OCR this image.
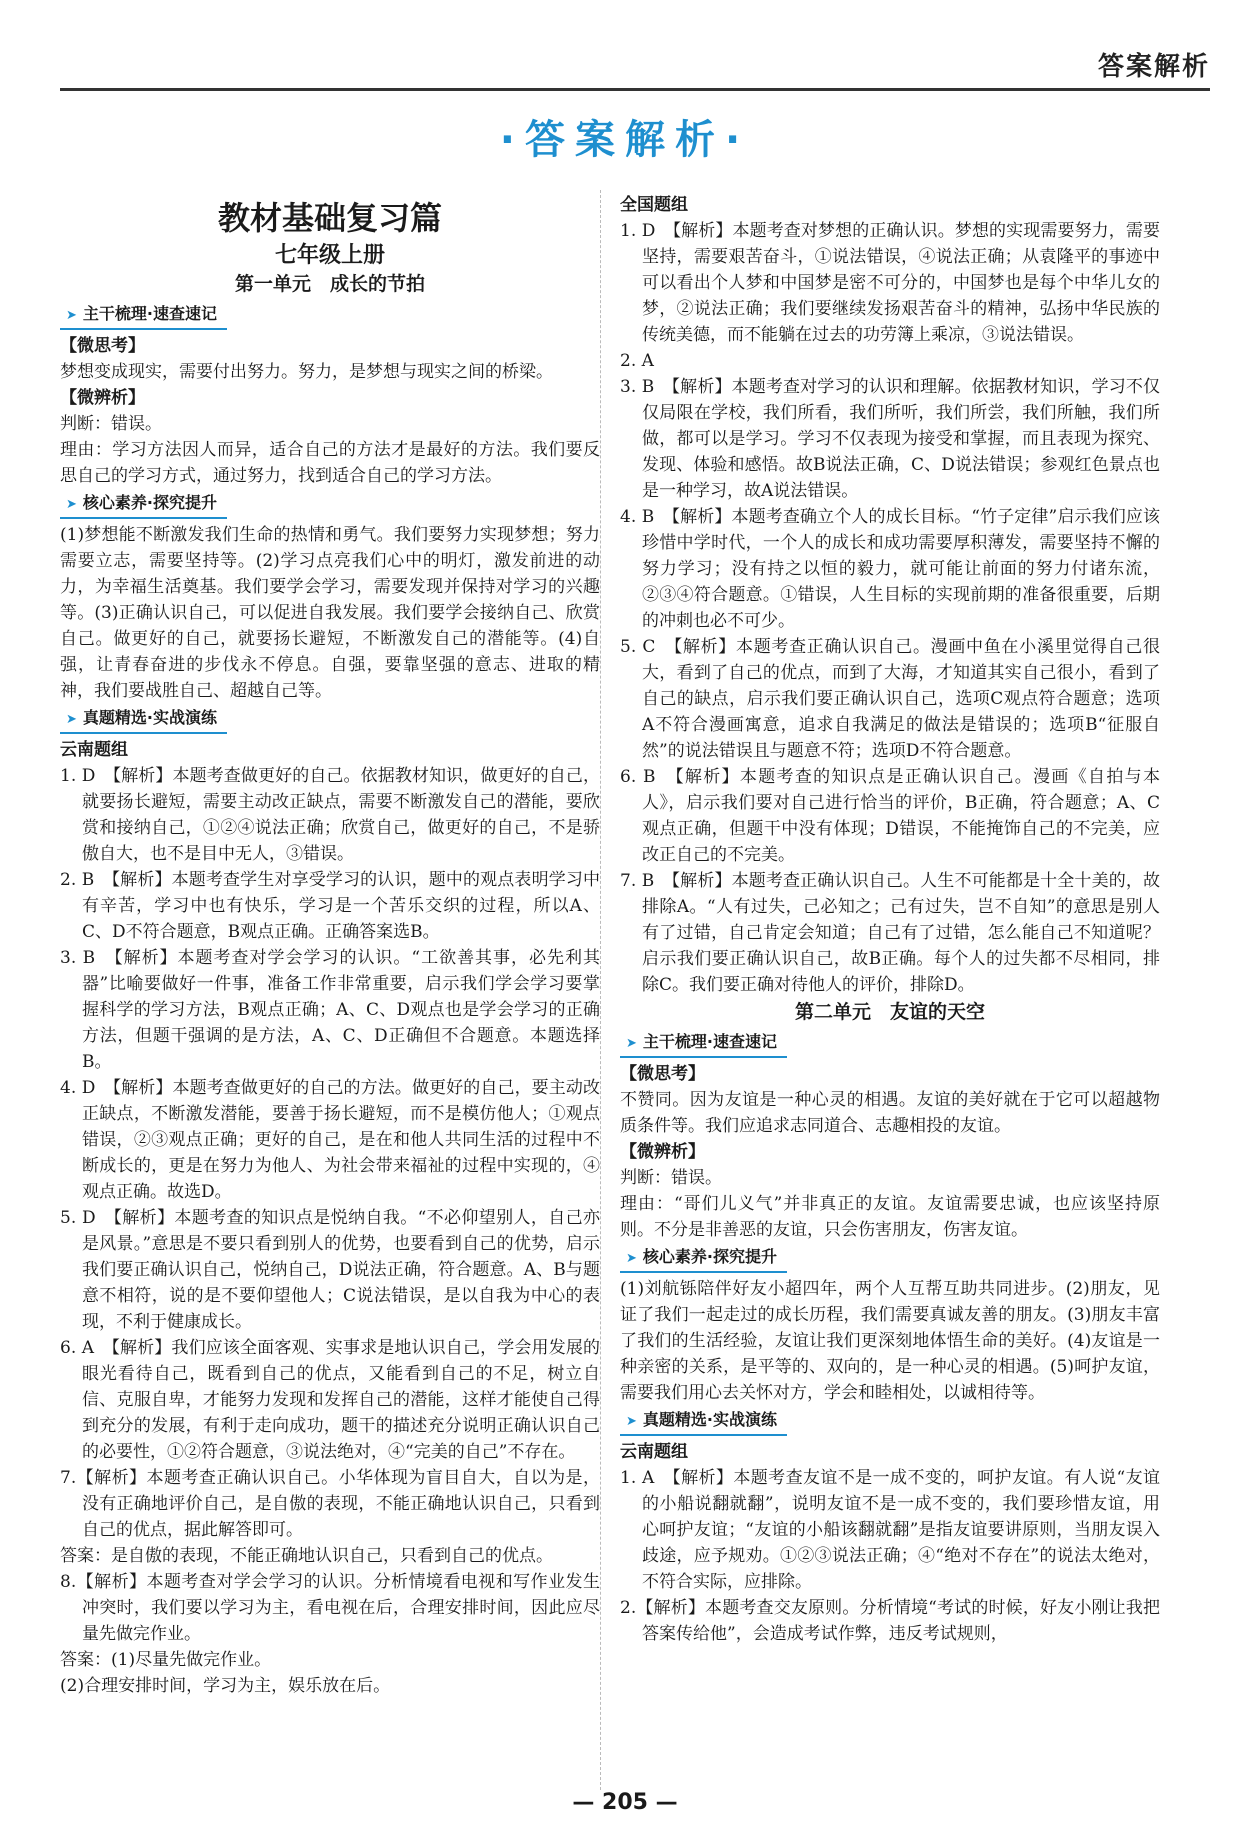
答案解析
·答案解析·
教材基础复习篇
七年级上册
第一单元　成长的节拍
➤ 主干梳理·速查速记

【微思考】

梦想变成现实，需要付出努力。努力，是梦想与现实之间的桥梁。

【微辨析】

判断：错误。

理由：学习方法因人而异，适合自己的方法才是最好的方法。我们要反思自己的学习方式，通过努力，找到适合自己的学习方法。

➤ 核心素养·探究提升

(1)梦想能不断激发我们生命的热情和勇气。我们要努力实现梦想；努力需要立志，需要坚持等。(2)学习点亮我们心中的明灯，激发前进的动力，为幸福生活奠基。我们要学会学习，需要发现并保持对学习的兴趣等。(3)正确认识自己，可以促进自我发展。我们要学会接纳自己、欣赏自己。做更好的自己，就要扬长避短，不断激发自己的潜能等。(4)自强，让青春奋进的步伐永不停息。自强，要靠坚强的意志、进取的精神，我们要战胜自己、超越自己等。

➤ 真题精选·实战演练

云南题组

1. D　【解析】本题考查做更好的自己。依据教材知识，做更好的自己，就要扬长避短，需要主动改正缺点，需要不断激发自己的潜能，要欣赏和接纳自己，①②④说法正确；欣赏自己，做更好的自己，不是骄傲自大，也不是目中无人，③错误。

2. B　【解析】本题考查学生对享受学习的认识，题中的观点表明学习中有辛苦，学习中也有快乐，学习是一个苦乐交织的过程，所以A、C、D不符合题意，B观点正确。正确答案选B。

3. B　【解析】本题考查对学会学习的认识。“工欲善其事，必先利其器”比喻要做好一件事，准备工作非常重要，启示我们学会学习要掌握科学的学习方法，B观点正确；A、C、D观点也是学会学习的正确方法，但题干强调的是方法，A、C、D正确但不合题意。本题选择B。

4. D　【解析】本题考查做更好的自己的方法。做更好的自己，要主动改正缺点，不断激发潜能，要善于扬长避短，而不是模仿他人；①观点错误，②③观点正确；更好的自己，是在和他人共同生活的过程中不断成长的，更是在努力为他人、为社会带来福祉的过程中实现的，④观点正确。故选D。

5. D　【解析】本题考查的知识点是悦纳自我。“不必仰望别人，自己亦是风景。”意思是不要只看到别人的优势，也要看到自己的优势，启示我们要正确认识自己，悦纳自己，D说法正确，符合题意。A、B与题意不相符，说的是不要仰望他人；C说法错误，是以自我为中心的表现，不利于健康成长。

6. A　【解析】我们应该全面客观、实事求是地认识自己，学会用发展的眼光看待自己，既看到自己的优点，又能看到自己的不足，树立自信、克服自卑，才能努力发现和发挥自己的潜能，这样才能使自己得到充分的发展，有利于走向成功，题干的描述充分说明正确认识自己的必要性，①②符合题意，③说法绝对，④“完美的自己”不存在。

7.【解析】本题考查正确认识自己。小华体现为盲目自大，自以为是，没有正确地评价自己，是自傲的表现，不能正确地认识自己，只看到自己的优点，据此解答即可。

答案：是自傲的表现，不能正确地认识自己，只看到自己的优点。

8.【解析】本题考查对学会学习的认识。分析情境看电视和写作业发生冲突时，我们要以学习为主，看电视在后，合理安排时间，因此应尽量先做完作业。

答案：(1)尽量先做完作业。

(2)合理安排时间，学习为主，娱乐放在后。

全国题组

1. D　【解析】本题考查对梦想的正确认识。梦想的实现需要努力，需要坚持，需要艰苦奋斗，①说法错误，④说法正确；从袁隆平的事迹中可以看出个人梦和中国梦是密不可分的，中国梦也是每个中华儿女的梦，②说法正确；我们要继续发扬艰苦奋斗的精神，弘扬中华民族的传统美德，而不能躺在过去的功劳簿上乘凉，③说法错误。

2. A

3. B　【解析】本题考查对学习的认识和理解。依据教材知识，学习不仅仅局限在学校，我们所看，我们所听，我们所尝，我们所触，我们所做，都可以是学习。学习不仅表现为接受和掌握，而且表现为探究、发现、体验和感悟。故B说法正确，C、D说法错误；参观红色景点也是一种学习，故A说法错误。

4. B　【解析】本题考查确立个人的成长目标。“竹子定律”启示我们应该珍惜中学时代，一个人的成长和成功需要厚积薄发，需要坚持不懈的努力学习；没有持之以恒的毅力，就可能让前面的努力付诸东流，②③④符合题意。①错误，人生目标的实现前期的准备很重要，后期的冲刺也必不可少。

5. C　【解析】本题考查正确认识自己。漫画中鱼在小溪里觉得自己很大，看到了自己的优点，而到了大海，才知道其实自己很小，看到了自己的缺点，启示我们要正确认识自己，选项C观点符合题意；选项A不符合漫画寓意，追求自我满足的做法是错误的；选项B“征服自然”的说法错误且与题意不符；选项D不符合题意。

6. B　【解析】本题考查的知识点是正确认识自己。漫画《自拍与本人》，启示我们要对自己进行恰当的评价，B正确，符合题意；A、C观点正确，但题干中没有体现；D错误，不能掩饰自己的不完美，应改正自己的不完美。

7. B　【解析】本题考查正确认识自己。人生不可能都是十全十美的，故排除A。“人有过失，己必知之；己有过失，岂不自知”的意思是别人有了过错，自己肯定会知道；自己有了过错，怎么能自己不知道呢？启示我们要正确认识自己，故B正确。每个人的过失都不尽相同，排除C。我们要正确对待他人的评价，排除D。

第二单元　友谊的天空
➤ 主干梳理·速查速记

【微思考】

不赞同。因为友谊是一种心灵的相遇。友谊的美好就在于它可以超越物质条件等。我们应追求志同道合、志趣相投的友谊。

【微辨析】

判断：错误。

理由：“哥们儿义气”并非真正的友谊。友谊需要忠诚，也应该坚持原则。不分是非善恶的友谊，只会伤害朋友，伤害友谊。

➤ 核心素养·探究提升

(1)刘航铄陪伴好友小超四年，两个人互帮互助共同进步。(2)朋友，见证了我们一起走过的成长历程，我们需要真诚友善的朋友。(3)朋友丰富了我们的生活经验，友谊让我们更深刻地体悟生命的美好。(4)友谊是一种亲密的关系，是平等的、双向的，是一种心灵的相遇。(5)呵护友谊，需要我们用心去关怀对方，学会和睦相处，以诚相待等。

➤ 真题精选·实战演练

云南题组

1. A　【解析】本题考查友谊不是一成不变的，呵护友谊。有人说“友谊的小船说翻就翻”，说明友谊不是一成不变的，我们要珍惜友谊，用心呵护友谊；“友谊的小船该翻就翻”是指友谊要讲原则，当朋友误入歧途，应予规劝。①②③说法正确；④“绝对不存在”的说法太绝对，不符合实际，应排除。

2.【解析】本题考查交友原则。分析情境“考试的时候，好友小刚让我把答案传给他”，会造成考试作弊，违反考试规则，

— 205 —
